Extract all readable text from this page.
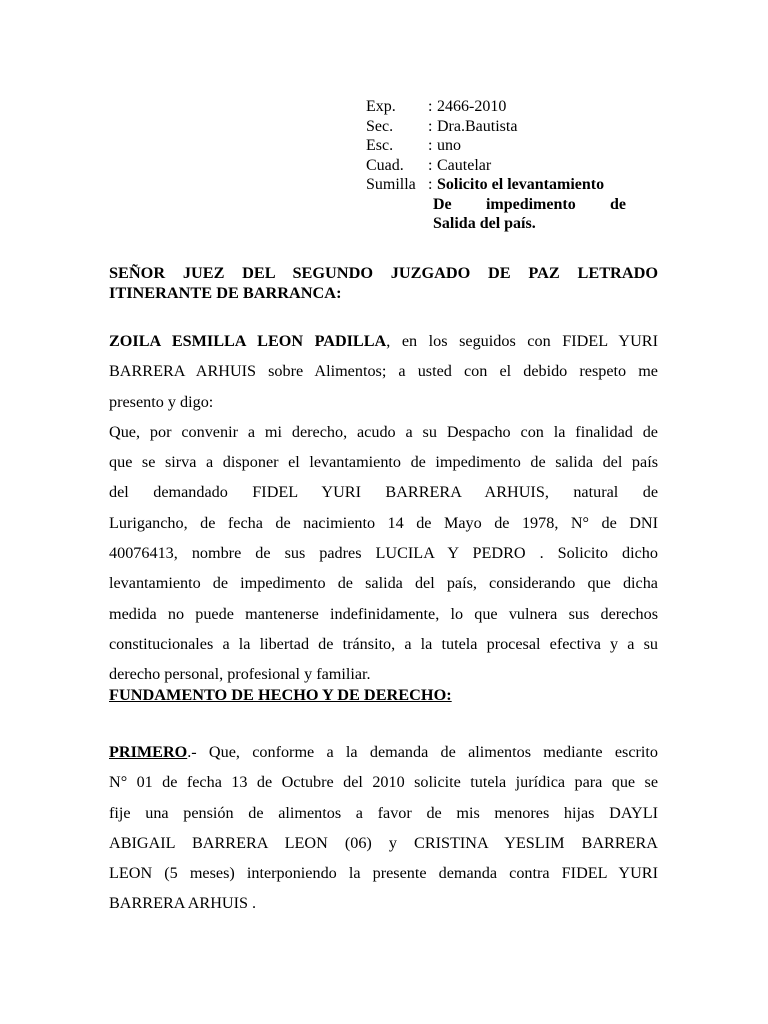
Exp.	:
2466-2010
Sec.	:
Dra.Bautista
Esc.	:
uno
Cuad.	:
Cautelar
Sumilla :
Solicito el levantamiento
De impedimento de
Salida del país.
SEÑOR JUEZ DEL SEGUNDO JUZGADO DE PAZ LETRADO
ITINERANTE DE BARRANCA:
ZOILA ESMILLA LEON PADILLA, en los seguidos con FIDEL YURI
BARRERA ARHUIS sobre Alimentos; a usted con el debido respeto me
presento y digo:
Que, por convenir a mi derecho, acudo a su Despacho con la finalidad de
que se sirva a disponer el levantamiento de impedimento de salida del país
del demandado FIDEL YURI BARRERA ARHUIS, natural de
Lurigancho, de fecha de nacimiento 14 de Mayo de 1978, N° de DNI
40076413, nombre de sus padres LUCILA Y PEDRO . Solicito dicho
levantamiento de impedimento de salida del país, considerando que dicha
medida no puede mantenerse indefinidamente, lo que vulnera sus derechos
constitucionales a la libertad de tránsito, a la tutela procesal efectiva y a su
derecho personal, profesional y familiar.
FUNDAMENTO DE HECHO Y DE DERECHO:
PRIMERO.- Que, conforme a la demanda de alimentos mediante escrito
N° 01 de fecha 13 de Octubre del 2010 solicite tutela jurídica para que se
fije una pensión de alimentos a favor de mis menores hijas DAYLI
ABIGAIL BARRERA LEON (06) y CRISTINA YESLIM BARRERA
LEON (5 meses) interponiendo la presente demanda contra FIDEL YURI
BARRERA ARHUIS .
